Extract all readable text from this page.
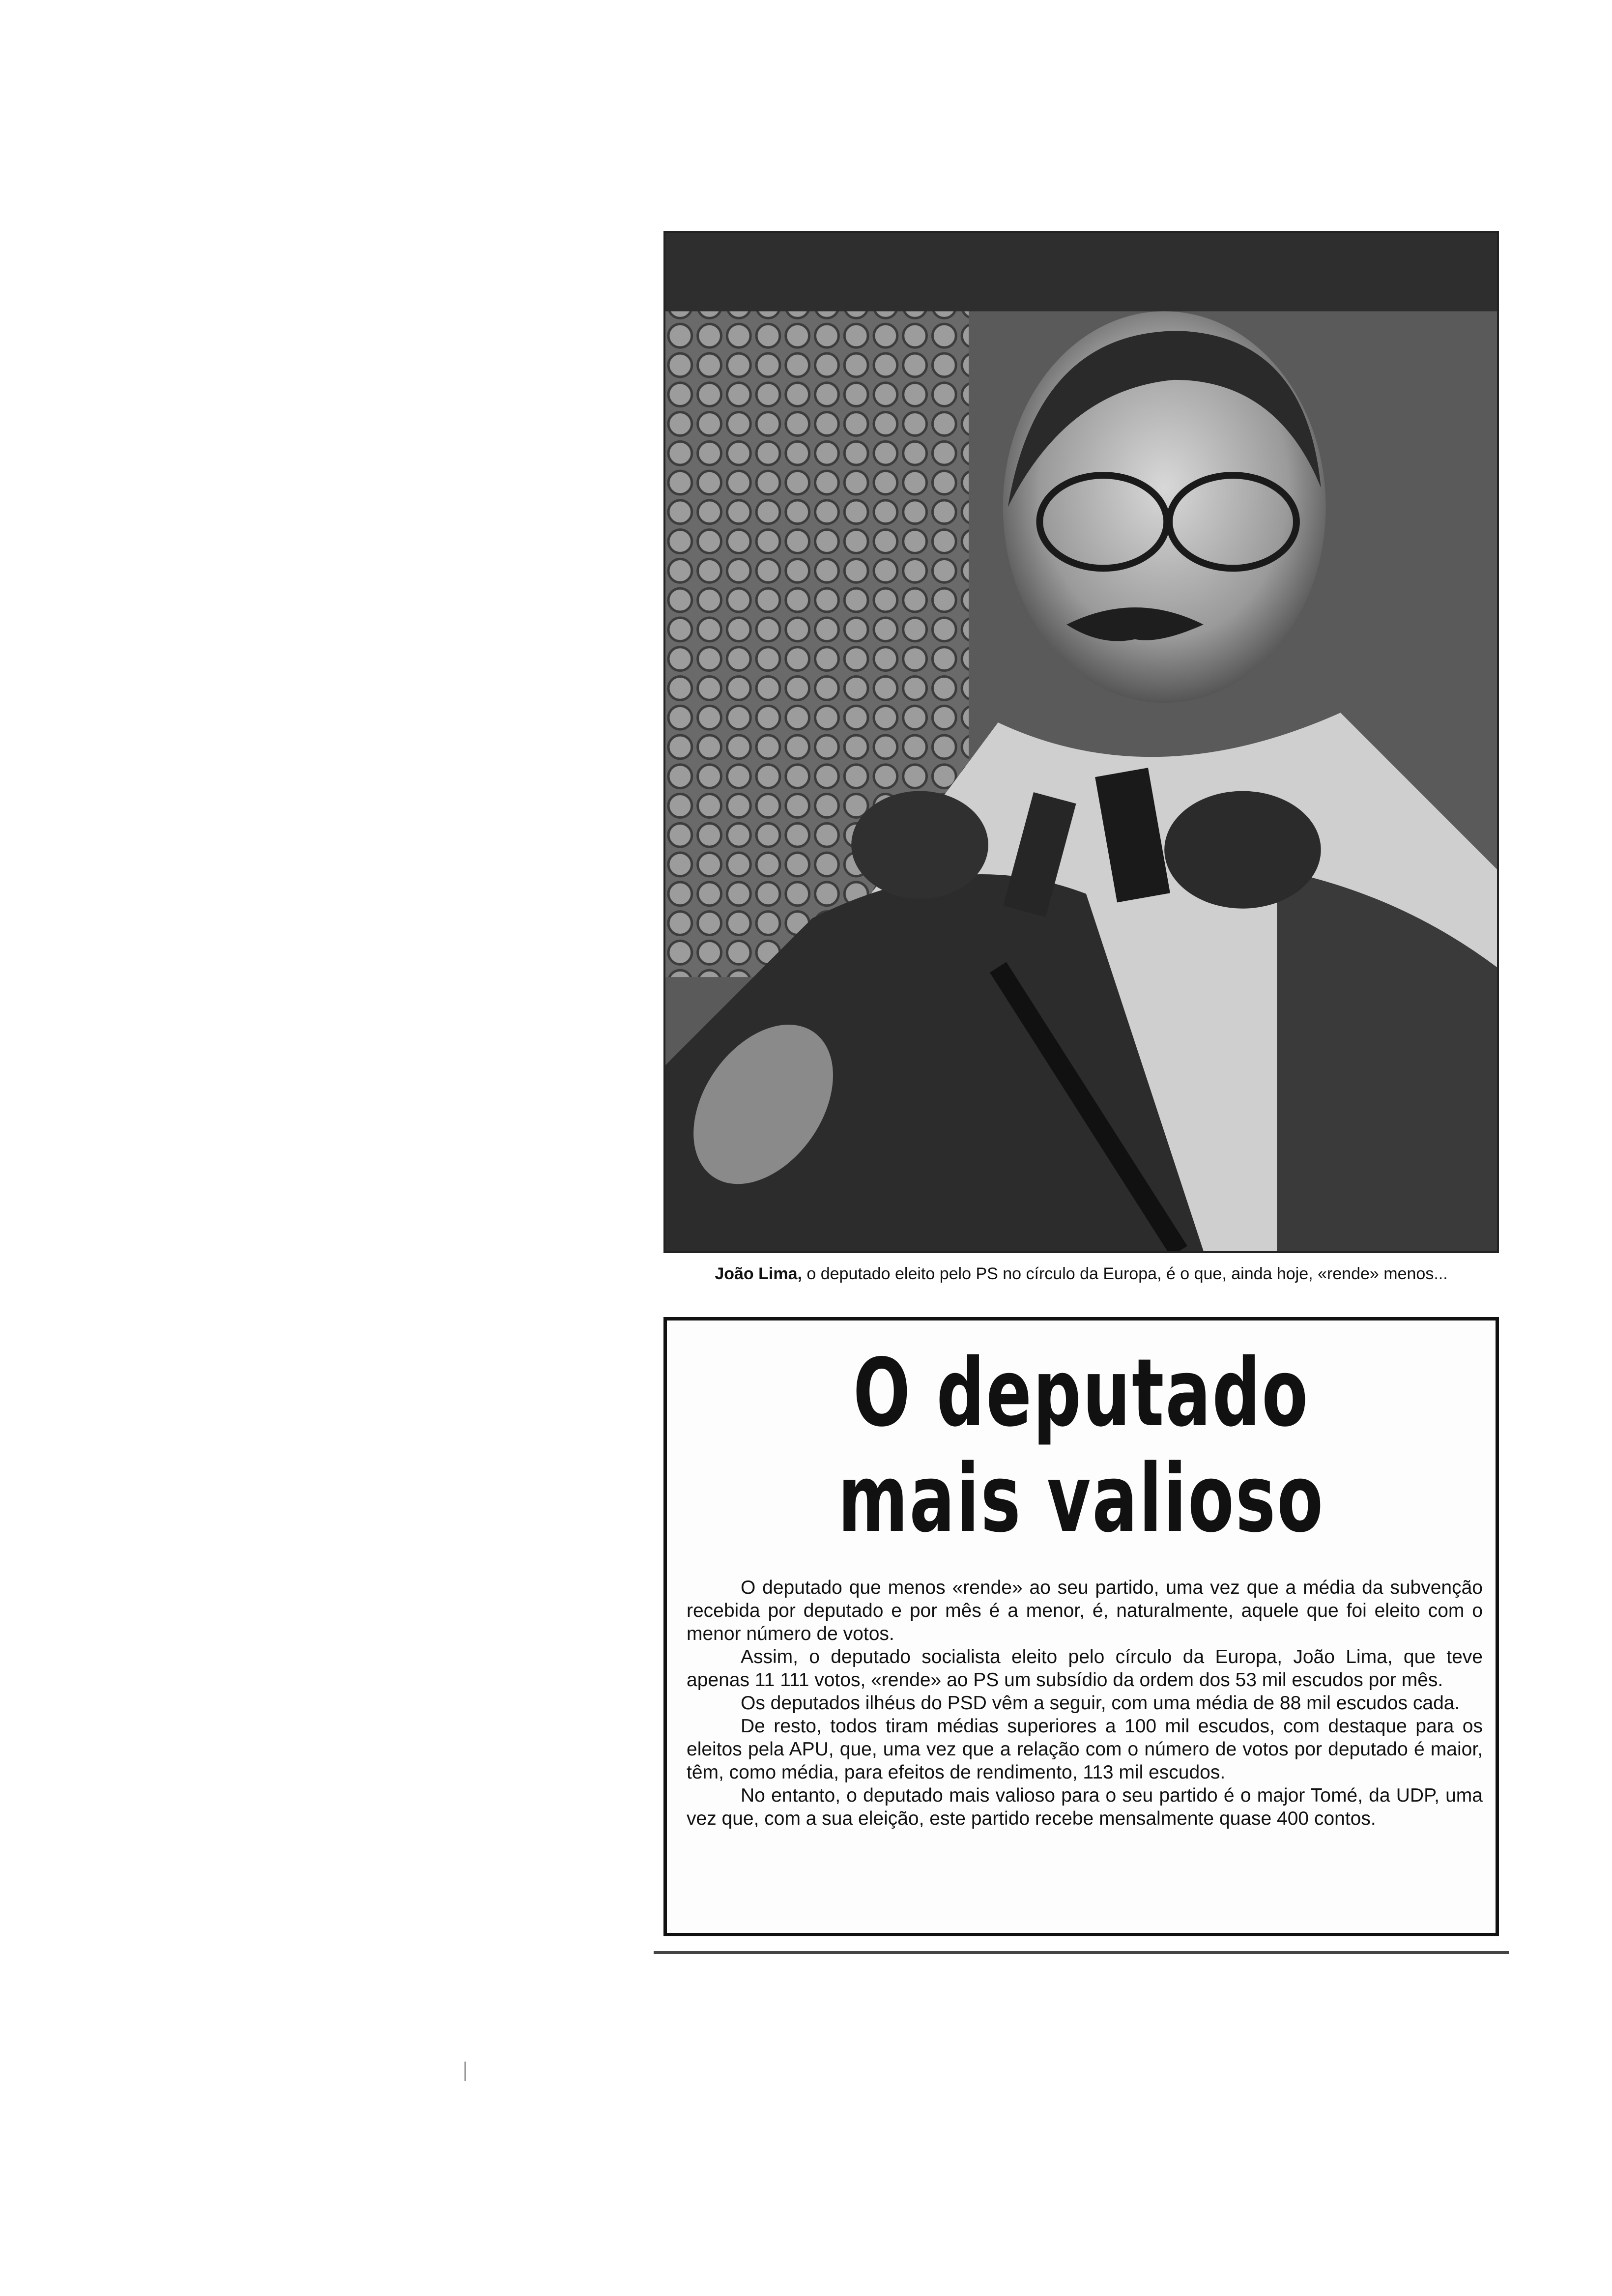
João Lima, o deputado eleito pelo PS no círculo da Europa, é o que, ainda hoje, «rende» menos...
O deputado
mais valioso

O deputado que menos «rende» ao seu partido, uma vez que a média da subvenção recebida por deputado e por mês é a menor, é, naturalmente, aquele que foi eleito com o menor número de votos.

Assim, o deputado socialista eleito pelo círculo da Europa, João Lima, que teve apenas 11 111 votos, «rende» ao PS um subsídio da ordem dos 53 mil escudos por mês.

Os deputados ilhéus do PSD vêm a seguir, com uma média de 88 mil escudos cada.

De resto, todos tiram médias superiores a 100 mil escudos, com destaque para os eleitos pela APU, que, uma vez que a relação com o número de votos por deputado é maior, têm, como média, para efeitos de rendimento, 113 mil escudos.

No entanto, o deputado mais valioso para o seu partido é o major Tomé, da UDP, uma vez que, com a sua eleição, este partido recebe mensalmente quase 400 contos.
